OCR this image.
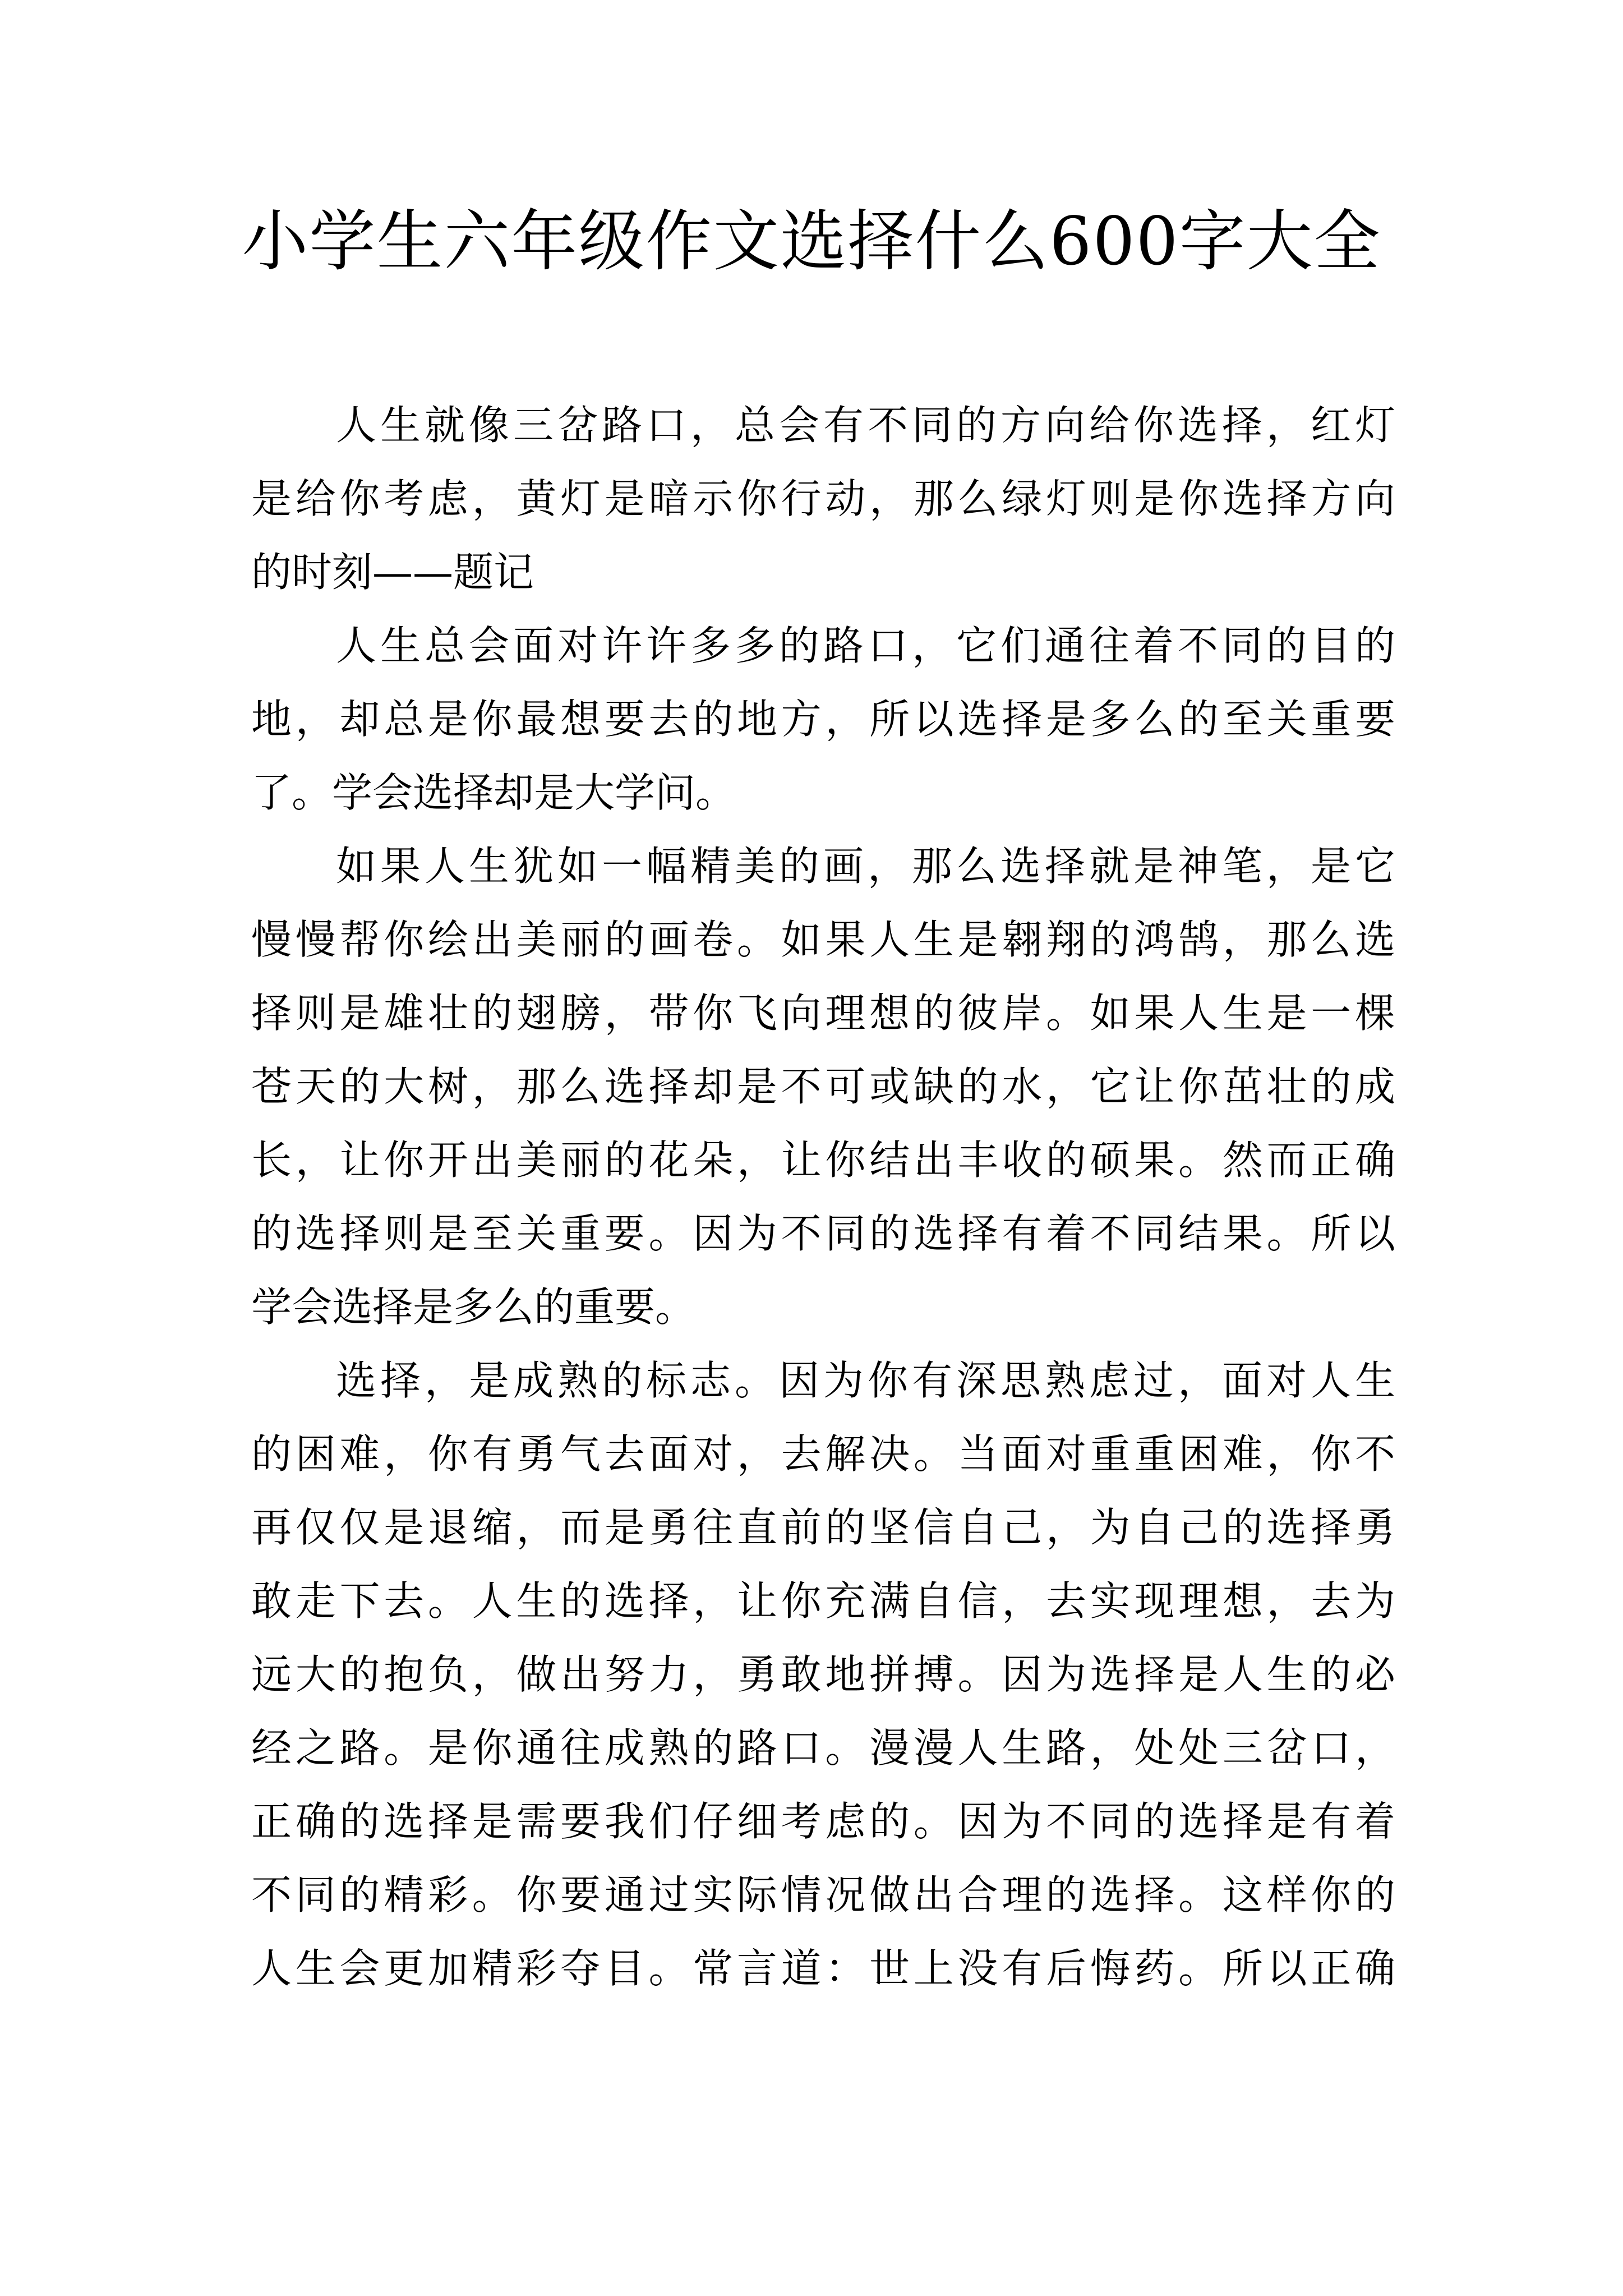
小学生六年级作文选择什么600字大全
人生就像三岔路口，总会有不同的方向给你选择，红灯
是给你考虑，黄灯是暗示你行动，那么绿灯则是你选择方向
的时刻——题记
人生总会面对许许多多的路口，它们通往着不同的目的
地，却总是你最想要去的地方，所以选择是多么的至关重要
了。学会选择却是大学问。
如果人生犹如一幅精美的画，那么选择就是神笔，是它
慢慢帮你绘出美丽的画卷。如果人生是翱翔的鸿鹄，那么选
择则是雄壮的翅膀，带你飞向理想的彼岸。如果人生是一棵
苍天的大树，那么选择却是不可或缺的水，它让你茁壮的成
长，让你开出美丽的花朵，让你结出丰收的硕果。然而正确
的选择则是至关重要。因为不同的选择有着不同结果。所以
学会选择是多么的重要。
选择，是成熟的标志。因为你有深思熟虑过，面对人生
的困难，你有勇气去面对，去解决。当面对重重困难，你不
再仅仅是退缩，而是勇往直前的坚信自己，为自己的选择勇
敢走下去。人生的选择，让你充满自信，去实现理想，去为
远大的抱负，做出努力，勇敢地拼搏。因为选择是人生的必
经之路。是你通往成熟的路口。漫漫人生路，处处三岔口，
正确的选择是需要我们仔细考虑的。因为不同的选择是有着
不同的精彩。你要通过实际情况做出合理的选择。这样你的
人生会更加精彩夺目。常言道：世上没有后悔药。所以正确
